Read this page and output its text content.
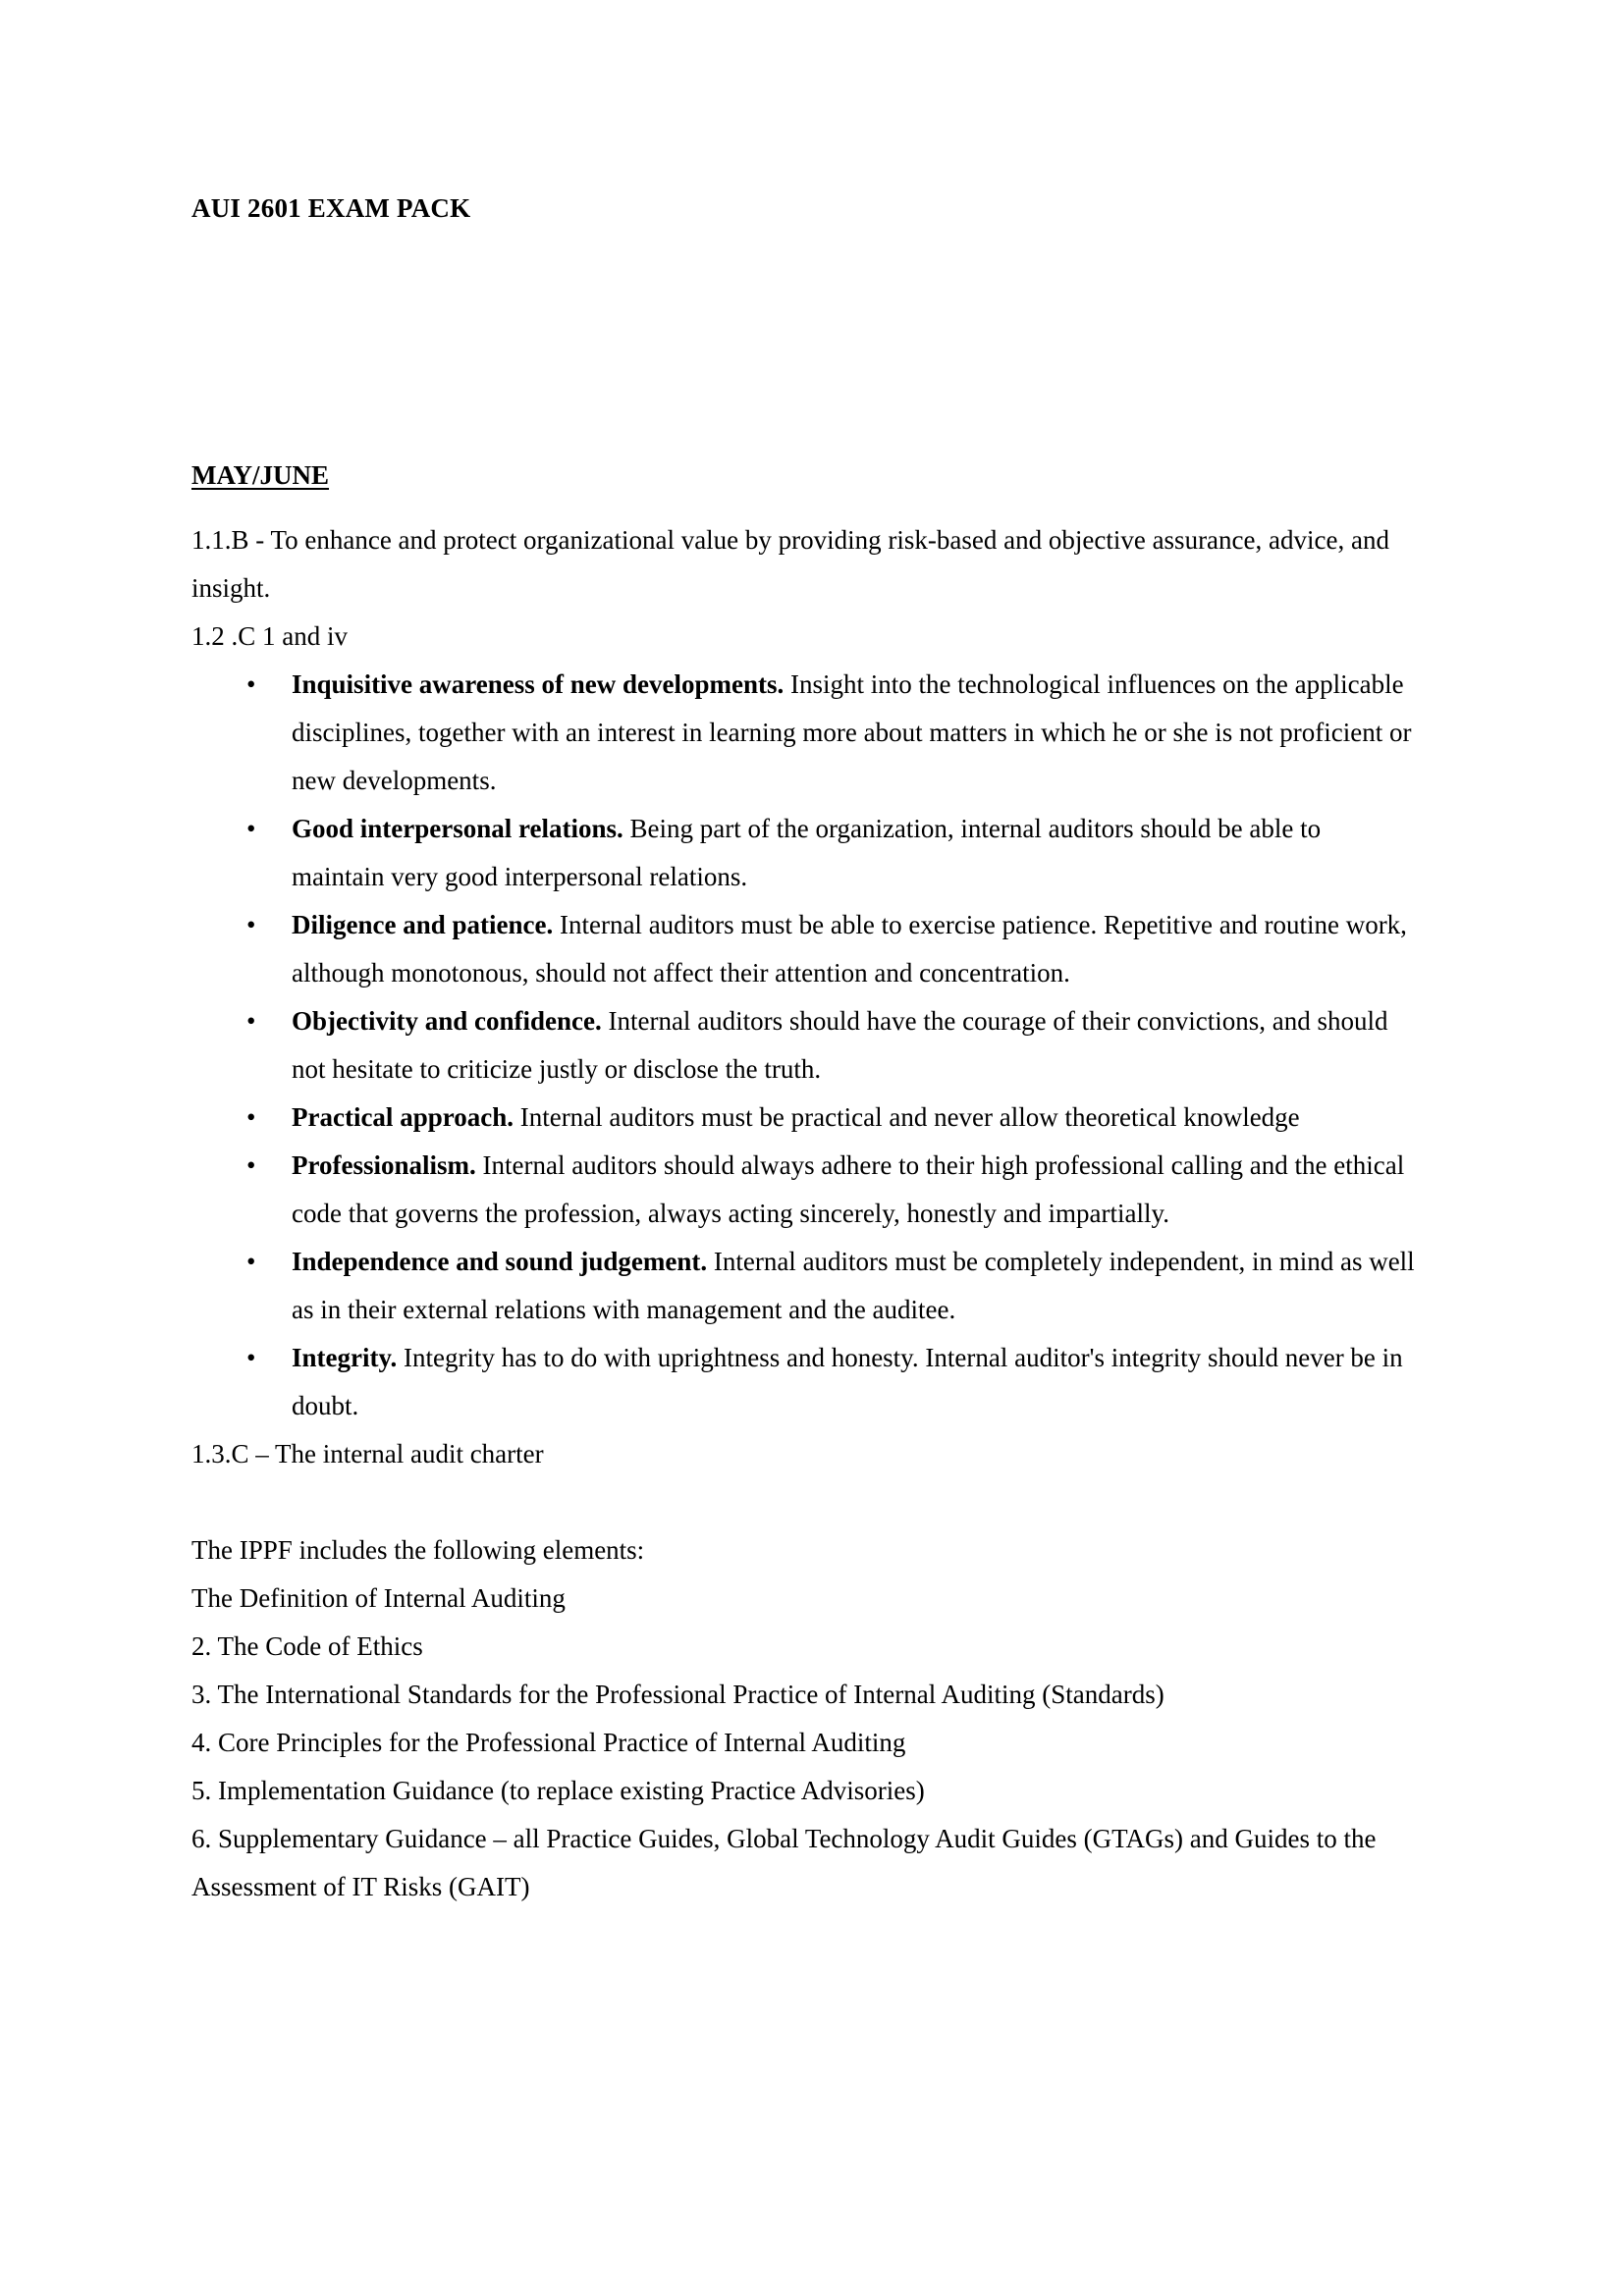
AUI 2601 EXAM PACK
MAY/JUNE

1.1.B - To enhance and protect organizational value by providing risk-based and objective assurance, advice, and insight.

1.2 .C 1 and iv

• Inquisitive awareness of new developments. Insight into the technological influences on the applicable disciplines, together with an interest in learning more about matters in which he or she is not proficient or new developments.
• Good interpersonal relations. Being part of the organization, internal auditors should be able to maintain very good interpersonal relations.
• Diligence and patience. Internal auditors must be able to exercise patience. Repetitive and routine work, although monotonous, should not affect their attention and concentration.
• Objectivity and confidence. Internal auditors should have the courage of their convictions, and should not hesitate to criticize justly or disclose the truth.
• Practical approach. Internal auditors must be practical and never allow theoretical knowledge
• Professionalism. Internal auditors should always adhere to their high professional calling and the ethical code that governs the profession, always acting sincerely, honestly and impartially.
• Independence and sound judgement. Internal auditors must be completely independent, in mind as well as in their external relations with management and the auditee.
• Integrity. Integrity has to do with uprightness and honesty. Internal auditor's integrity should never be in doubt.

1.3.C – The internal audit charter

The IPPF includes the following elements:

The Definition of Internal Auditing

2. The Code of Ethics

3. The International Standards for the Professional Practice of Internal Auditing (Standards)

4. Core Principles for the Professional Practice of Internal Auditing

5. Implementation Guidance (to replace existing Practice Advisories)

6. Supplementary Guidance – all Practice Guides, Global Technology Audit Guides (GTAGs) and Guides to the Assessment of IT Risks (GAIT)
